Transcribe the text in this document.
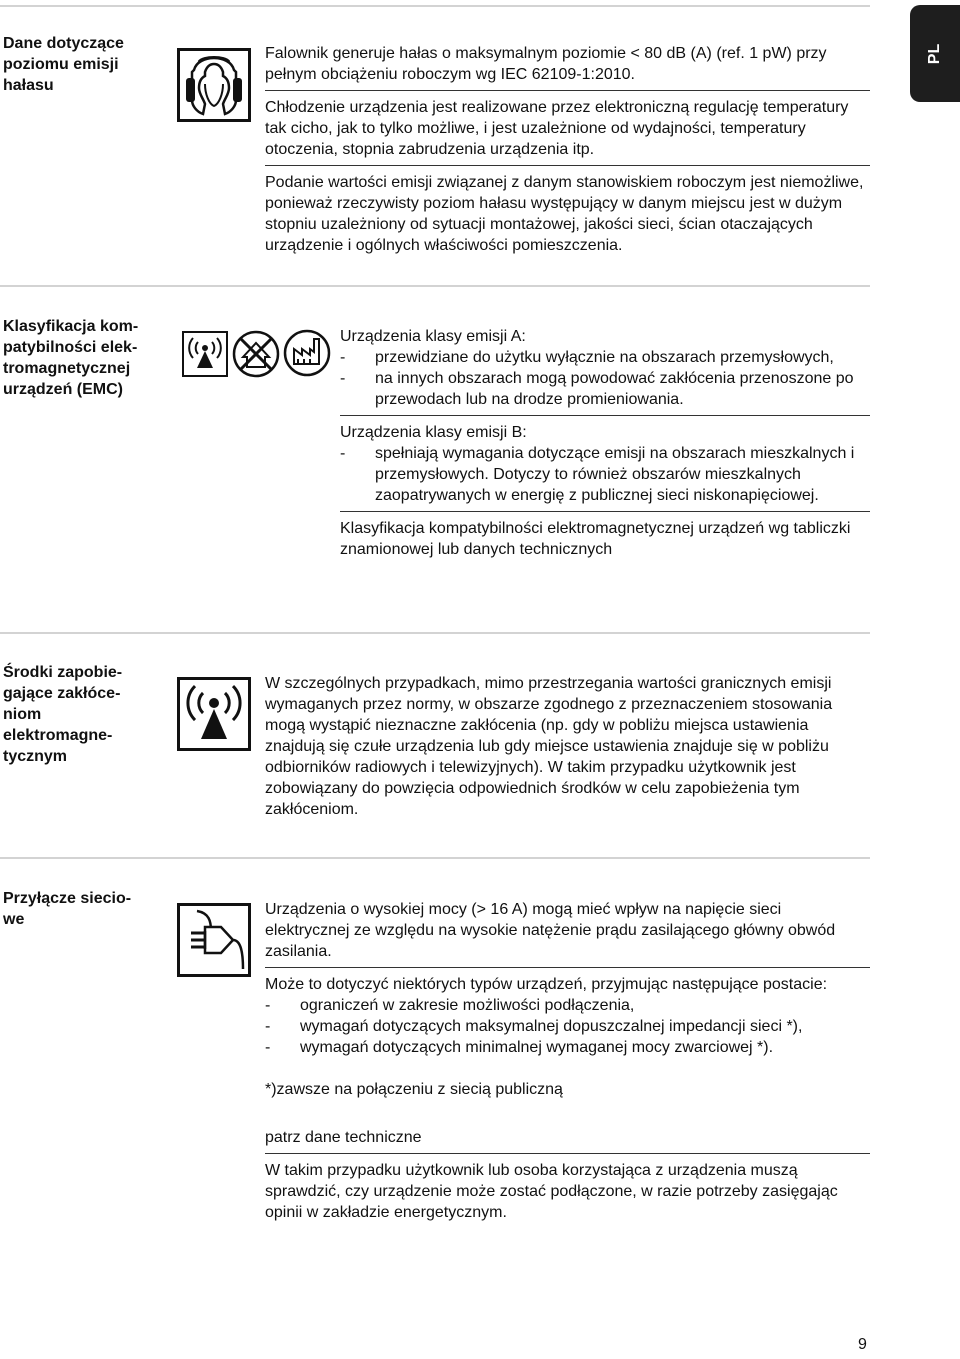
PL
Dane dotyczące
poziomu emisji
hałasu

Falownik generuje hałas o maksymalnym poziomie < 80 dB (A) (ref. 1 pW) przy pełnym obciążeniu roboczym wg IEC 62109-1:2010.

Chłodzenie urządzenia jest realizowane przez elektroniczną regulację temperatury tak cicho, jak to tylko możliwe, i jest uzależnione od wydajności, temperatury otoczenia, stopnia zabrudzenia urządzenia itp.

Podanie wartości emisji związanej z danym stanowiskiem roboczym jest niemożliwe, ponieważ rzeczywisty poziom hałasu występujący w danym miejscu jest w dużym stopniu uzależniony od sytuacji montażowej, jakości sieci, ścian otaczających urządzenie i ogólnych właściwości pomieszczenia.

Klasyfikacja kom-
patybilności elek-
tromagnetycznej
urządzeń (EMC)

Urządzenia klasy emisji A:

-	przewidziane do użytku wyłącznie na obszarach przemysłowych,
-	na innych obszarach mogą powodować zakłócenia przenoszone po przewodach lub na drodze promieniowania.

Urządzenia klasy emisji B:

-	spełniają wymagania dotyczące emisji na obszarach mieszkalnych i przemysłowych. Dotyczy to również obszarów mieszkalnych zaopatrywanych w energię z publicznej sieci niskonapięciowej.

Klasyfikacja kompatybilności elektromagnetycznej urządzeń wg tabliczki znamionowej lub danych technicznych

Środki zapobie-
gające zakłóce-
niom
elektromagne-
tycznym

W szczególnych przypadkach, mimo przestrzegania wartości granicznych emisji wymaganych przez normy, w obszarze zgodnego z przeznaczeniem stosowania mogą wystąpić nieznaczne zakłócenia (np. gdy w pobliżu miejsca ustawienia znajdują się czułe urządzenia lub gdy miejsce ustawienia znajduje się w pobliżu odbiorników radiowych i telewizyjnych). W takim przypadku użytkownik jest zobowiązany do powzięcia odpowiednich środków w celu zapobieżenia tym zakłóceniom.

Przyłącze siecio-
we

Urządzenia o wysokiej mocy (> 16 A) mogą mieć wpływ na napięcie sieci elektrycznej ze względu na wysokie natężenie prądu zasilającego główny obwód zasilania.

Może to dotyczyć niektórych typów urządzeń, przyjmując następujące postacie:

-	ograniczeń w zakresie możliwości podłączenia,
-	wymagań dotyczących maksymalnej dopuszczalnej impedancji sieci *),
-	wymagań dotyczących minimalnej wymaganej mocy zwarciowej *).

*)zawsze na połączeniu z siecią publiczną

patrz dane techniczne

W takim przypadku użytkownik lub osoba korzystająca z urządzenia muszą sprawdzić, czy urządzenie może zostać podłączone, w razie potrzeby zasięgając opinii w zakładzie energetycznym.

9
